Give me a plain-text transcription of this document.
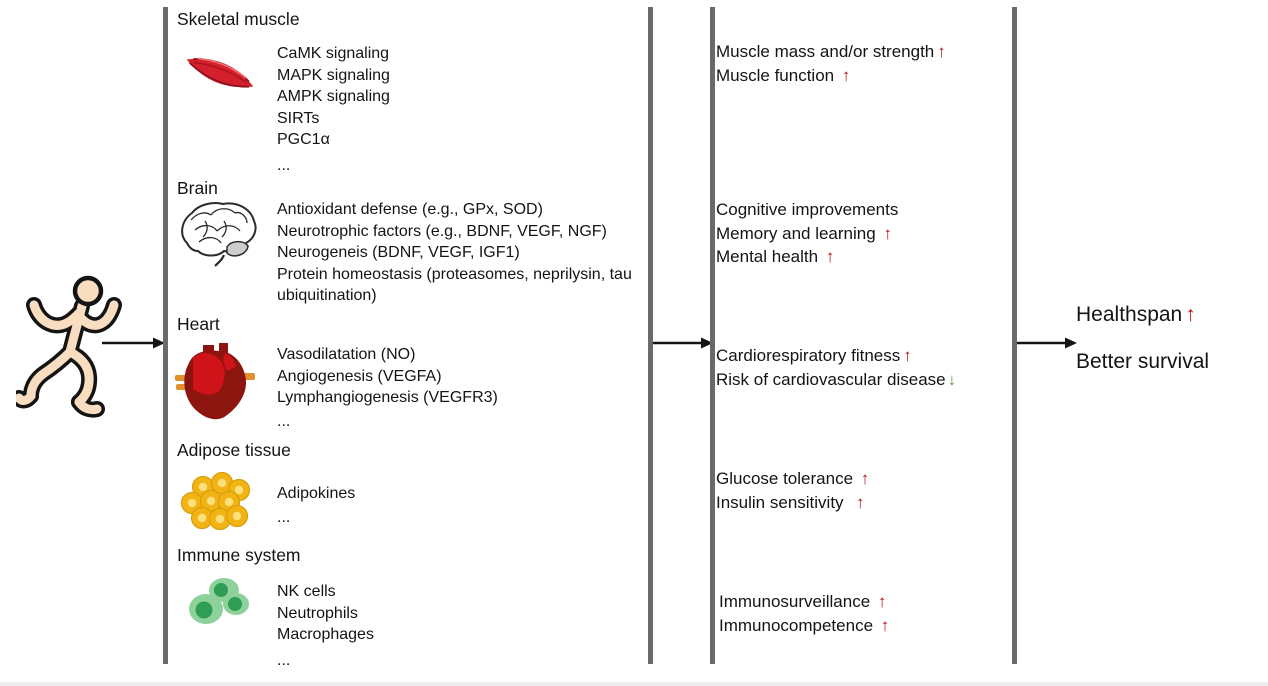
Skeletal muscle
CaMK signaling
MAPK signaling
AMPK signaling
SIRTs
PGC1α
...
Brain
Antioxidant defense (e.g., GPx, SOD)
Neurotrophic factors (e.g., BDNF, VEGF, NGF)
Neurogeneis (BDNF, VEGF, IGF1)
Protein homeostasis (proteasomes, neprilysin, tau ubiquitination)
Heart
Vasodilatation (NO)
Angiogenesis (VEGFA)
Lymphangiogenesis (VEGFR3)
...
Adipose tissue
Adipokines
...
Immune system
NK cells
Neutrophils
Macrophages
...
Muscle mass and/or strength ↑
Muscle function ↑
Cognitive improvements
Memory and learning ↑
Mental health ↑
Cardiorespiratory fitness ↑
Risk of cardiovascular disease ↓
Glucose tolerance ↑
Insulin sensitivity ↑
Immunosurveillance ↑
Immunocompetence ↑
Healthspan ↑
Better survival
